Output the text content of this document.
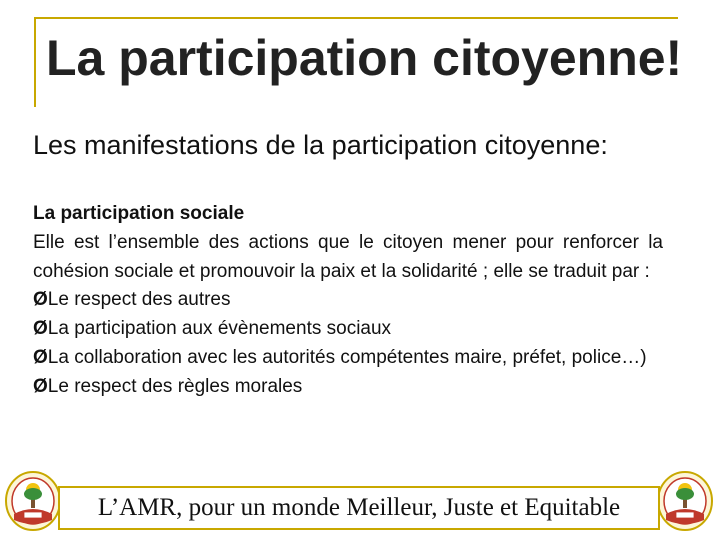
La participation citoyenne!

Les manifestations de la participation citoyenne:

La participation sociale
Elle est l’ensemble des actions que le citoyen mener pour renforcer la cohésion sociale et promouvoir la paix et la solidarité ; elle se traduit par :
Ø Le respect des autres
Ø La participation aux évènements sociaux
Ø La collaboration avec les autorités compétentes maire, préfet, police…)
Ø Le respect des règles morales
L’AMR, pour un monde Meilleur, Juste et Equitable
